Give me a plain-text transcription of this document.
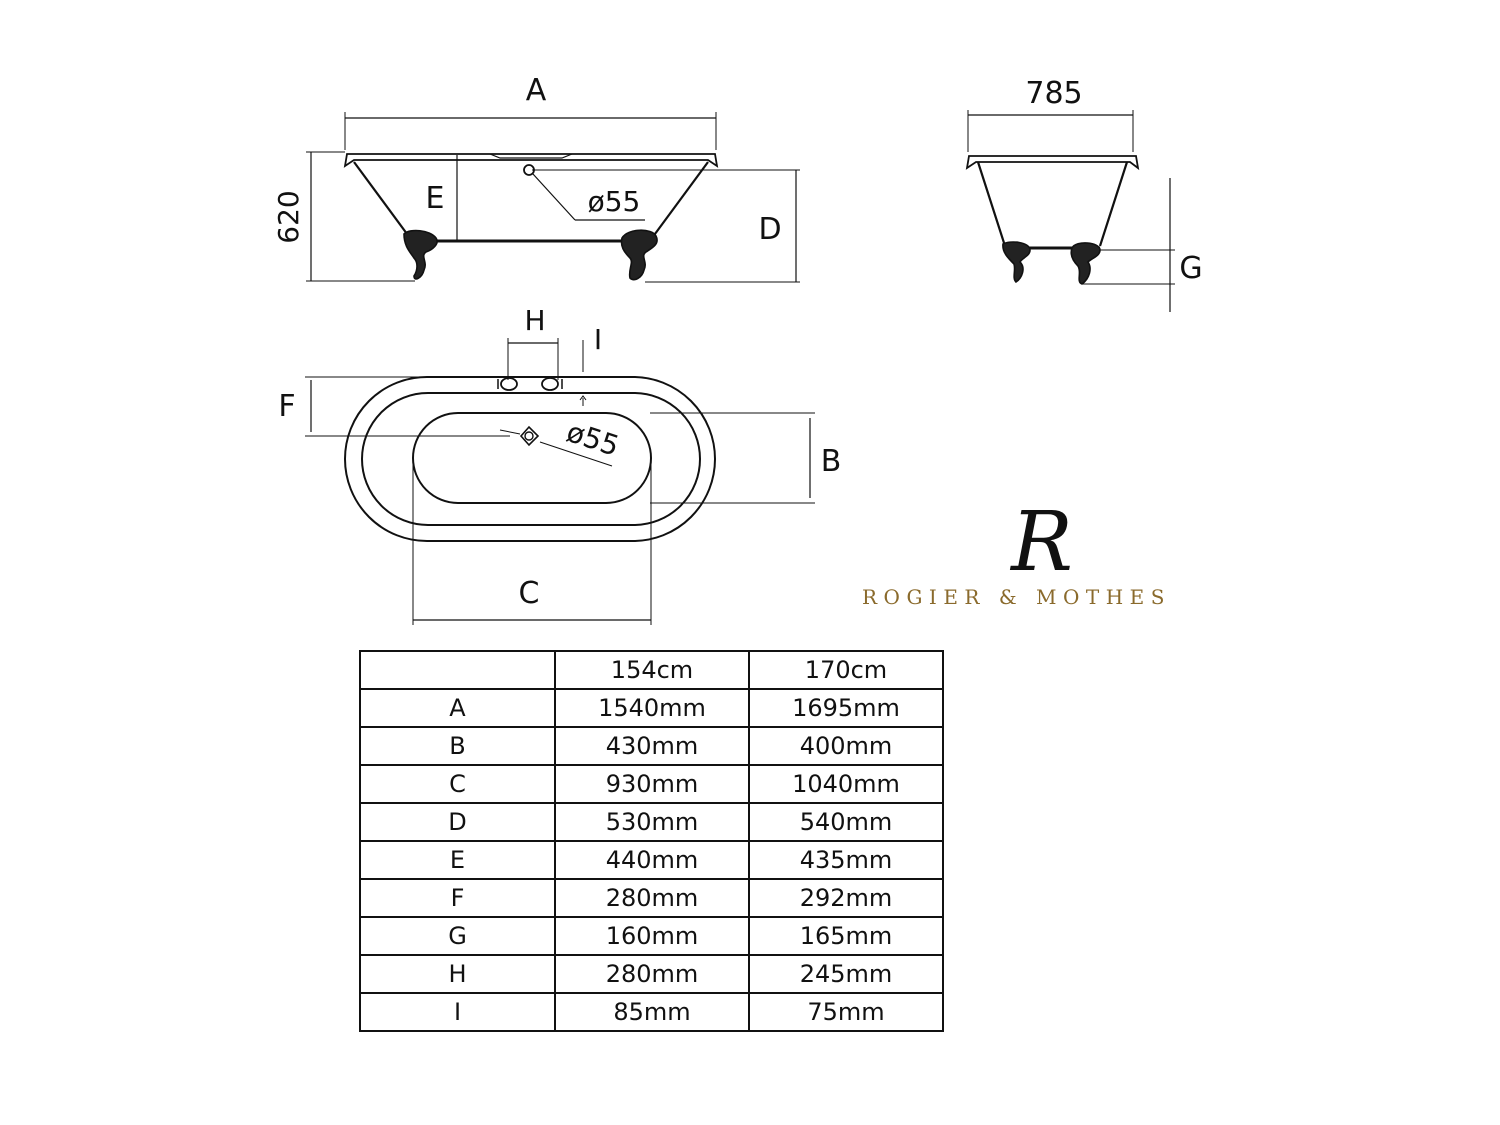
A
620	E	ø55
D
785
G
H
I
F
ø55	B
C
R
ROGIER & MOTHES
	154cm	170cm
A	1540mm	1695mm
B	430mm	400mm
C	930mm	1040mm
D	530mm	540mm
E	440mm	435mm
F	280mm	292mm
G	160mm	165mm
H	280mm	245mm
I	85mm	75mm
